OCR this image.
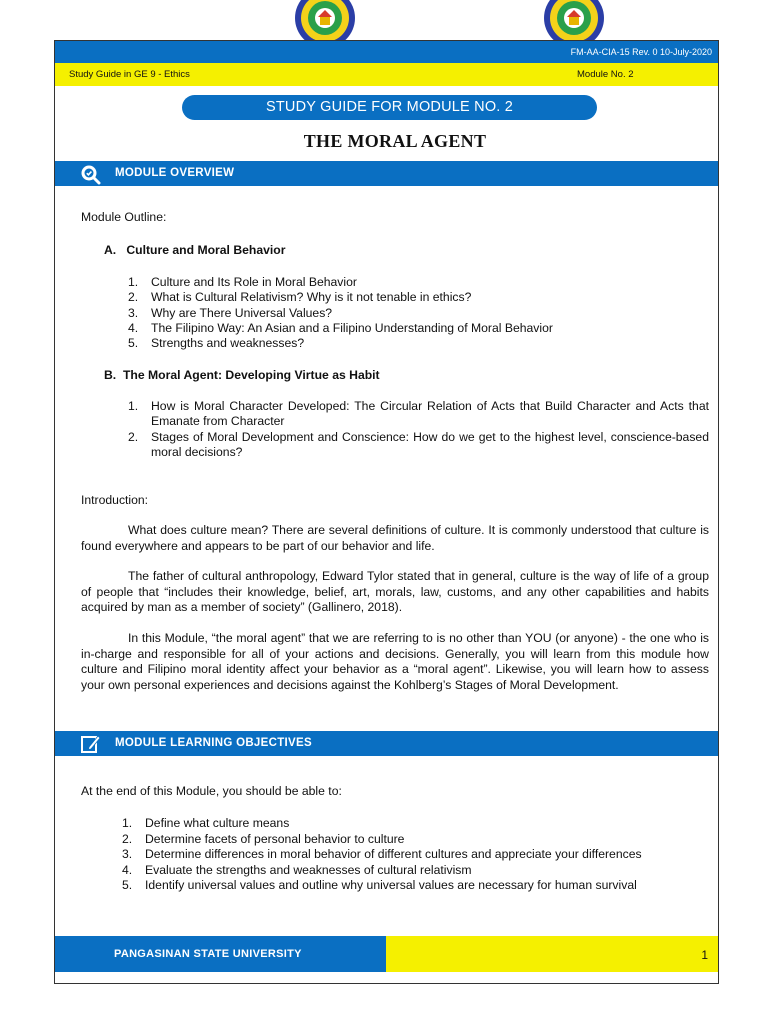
FM-AA-CIA-15 Rev. 0 10-July-2020
Study Guide in GE 9 - Ethics	Module No. 2
STUDY GUIDE FOR MODULE NO. 2
THE MORAL AGENT
MODULE OVERVIEW
Module Outline:
A.   Culture and Moral Behavior
1. Culture and Its Role in Moral Behavior
2. What is Cultural Relativism? Why is it not tenable in ethics?
3. Why are There Universal Values?
4. The Filipino Way: An Asian and a Filipino Understanding of Moral Behavior
5. Strengths and weaknesses?
B.  The Moral Agent: Developing Virtue as Habit
1. How is Moral Character Developed: The Circular Relation of Acts that Build Character and Acts that Emanate from Character
2. Stages of Moral Development and Conscience: How do we get to the highest level, conscience-based moral decisions?
Introduction:
What does culture mean? There are several definitions of culture. It is commonly understood that culture is found everywhere and appears to be part of our behavior and life.
The father of cultural anthropology, Edward Tylor stated that in general, culture is the way of life of a group of people that “includes their knowledge, belief, art, morals, law, customs, and any other capabilities and habits acquired by man as a member of society” (Gallinero, 2018).
In this Module, “the moral agent” that we are referring to is no other than YOU (or anyone) - the one who is in-charge and responsible for all of your actions and decisions. Generally, you will learn from this module how culture and Filipino moral identity affect your behavior as a “moral agent”. Likewise, you will learn how to assess your own personal experiences and decisions against the Kohlberg’s Stages of Moral Development.
MODULE LEARNING OBJECTIVES
At the end of this Module, you should be able to:
1. Define what culture means
2. Determine facets of personal behavior to culture
3. Determine differences in moral behavior of different cultures and appreciate your differences
4. Evaluate the strengths and weaknesses of cultural relativism
5. Identify universal values and outline why universal values are necessary for human survival
PANGASINAN STATE UNIVERSITY	1
